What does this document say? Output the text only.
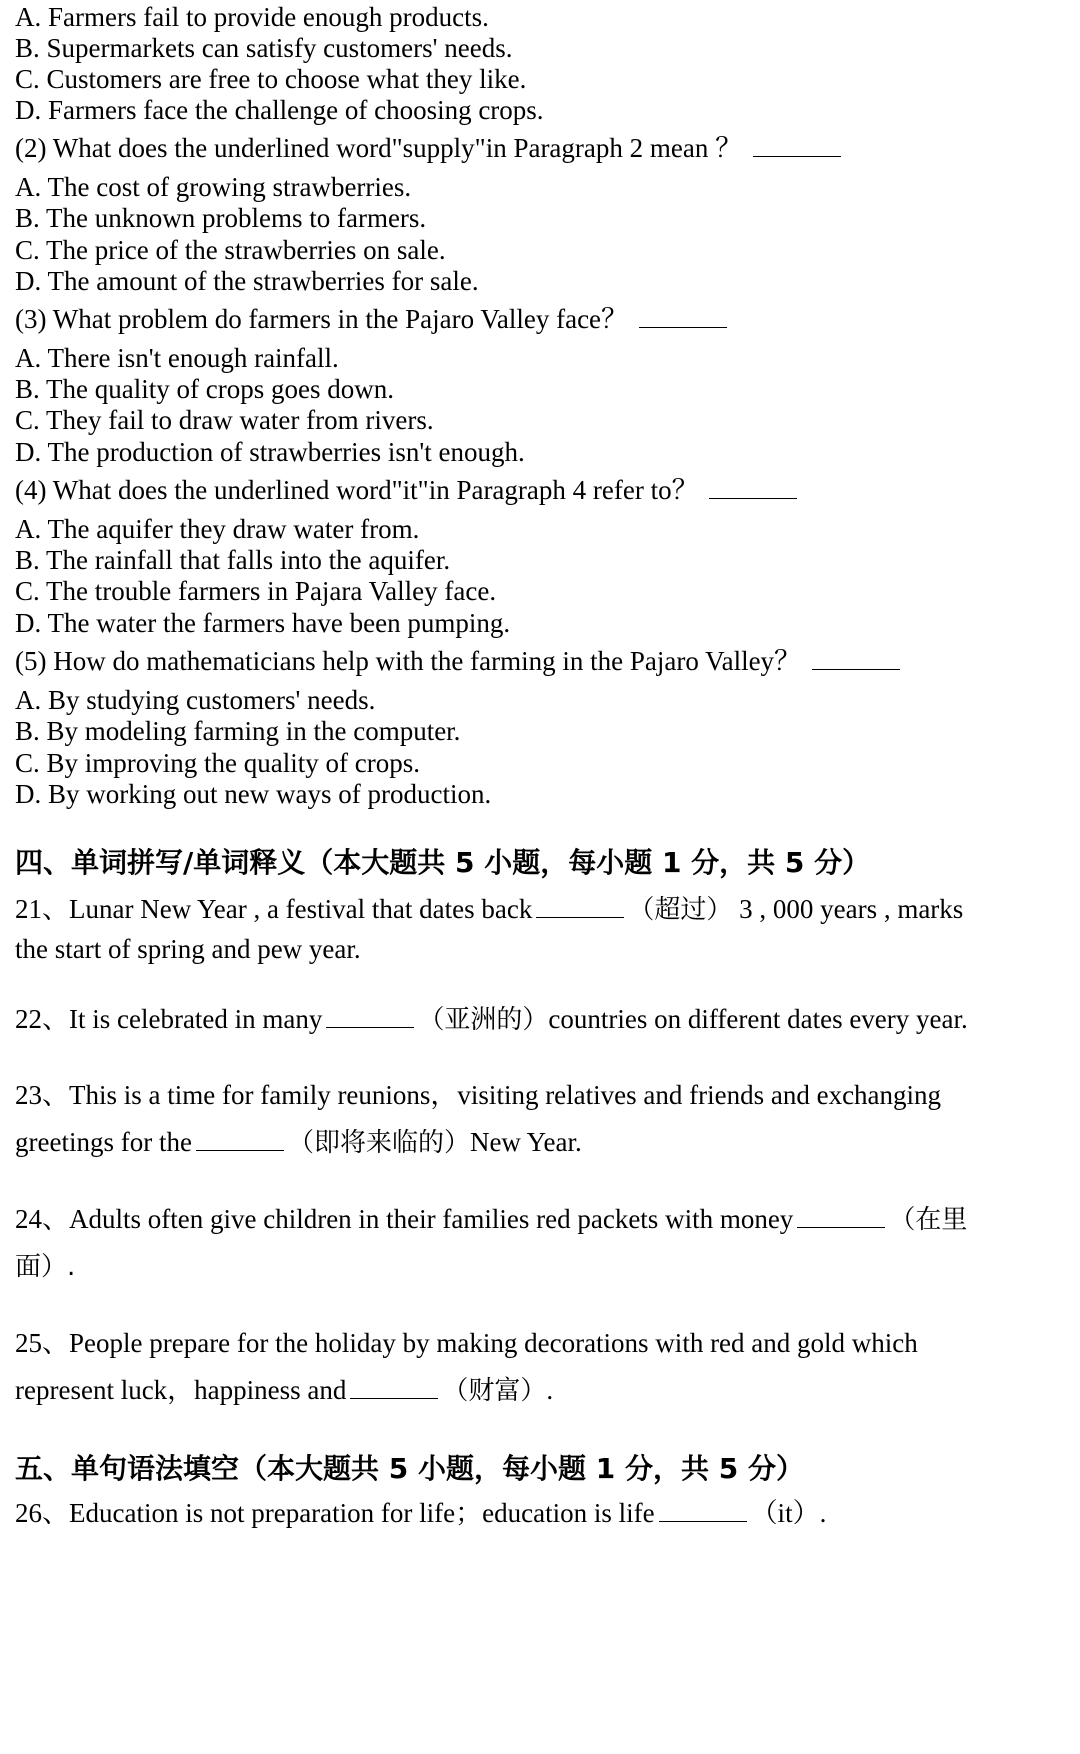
A. Farmers fail to provide enough products.
B. Supermarkets can satisfy customers' needs.
C. Customers are free to choose what they like.
D. Farmers face the challenge of choosing crops.
(2) What does the underlined word"supply"in Paragraph 2 mean ？
A. The cost of growing strawberries.
B. The unknown problems to farmers.
C. The price of the strawberries on sale.
D. The amount of the strawberries for sale.
(3) What problem do farmers in the Pajaro Valley face？
A. There isn't enough rainfall.
B. The quality of crops goes down.
C. They fail to draw water from rivers.
D. The production of strawberries isn't enough.
(4) What does the underlined word"it"in Paragraph 4 refer to？
A. The aquifer they draw water from.
B. The rainfall that falls into the aquifer.
C. The trouble farmers in Pajara Valley face.
D. The water the farmers have been pumping.
(5) How do mathematicians help with the farming in the Pajaro Valley？
A. By studying customers' needs.
B. By modeling farming in the computer.
C. By improving the quality of crops.
D. By working out new ways of production.
四、单词拼写/单词释义（本大题共 5 小题，每小题 1 分，共 5 分）
21、Lunar New Year , a festival that dates back	（超过） 3 , 000 years , marks
the start of spring and pew year.
22、It is celebrated in many	（亚洲的）countries on different dates every year.
23、This is a time for family reunions，visiting relatives and friends and exchanging
greetings for the	（即将来临的）New Year.
24、Adults often give children in their families red packets with money	（在里
面）.
25、People prepare for the holiday by making decorations with red and gold which
represent luck，happiness and	（财富）.
五、单句语法填空（本大题共 5 小题，每小题 1 分，共 5 分）
26、Education is not preparation for life；education is life	（it）.
